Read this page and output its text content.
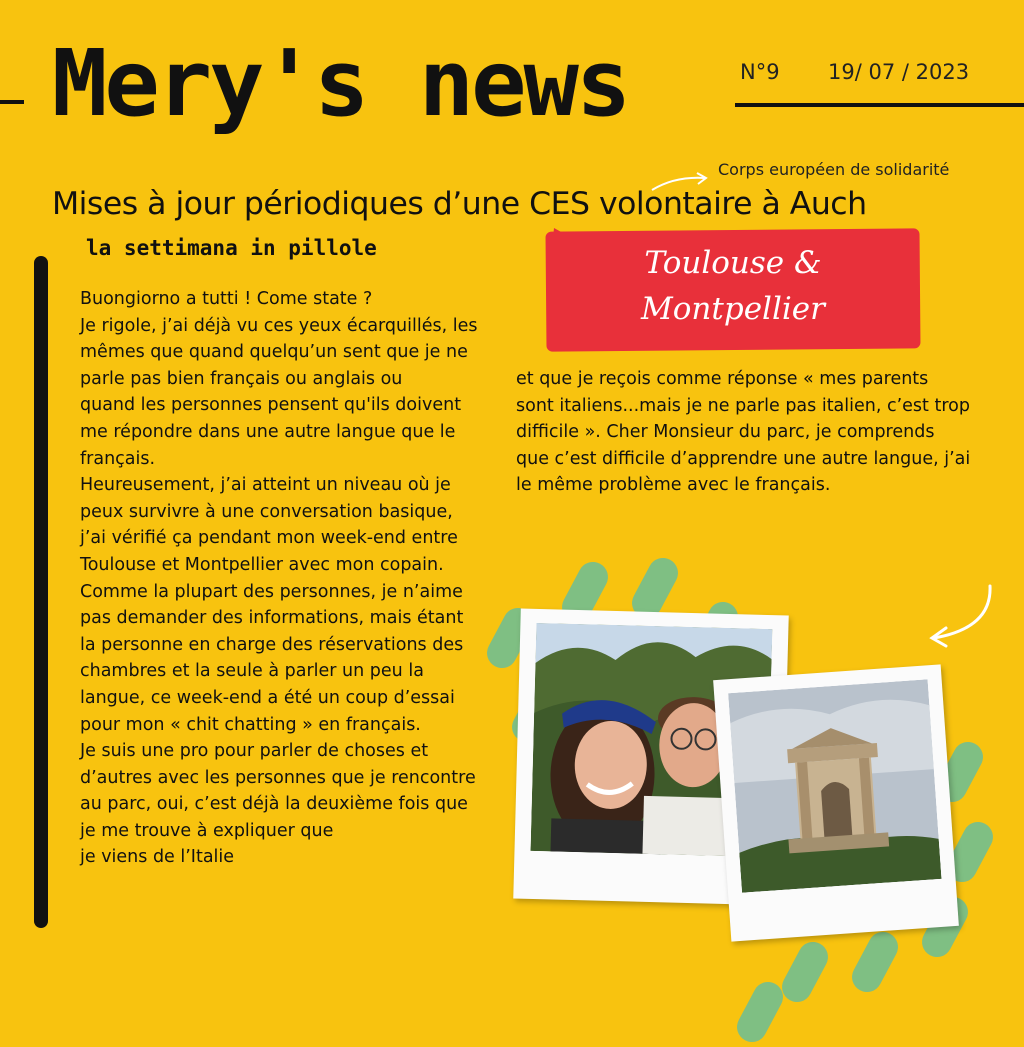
Mery's news	N°9 19/ 07 / 2023
Corps européen de solidarité
Mises à jour périodiques d’une CES volontaire à Auch
la settimana in pillole

Buongiorno a tutti ! Come state ?
Je rigole, j’ai déjà vu ces yeux écarquillés, les mêmes que quand quelqu’un sent que je ne parle pas bien français ou anglais ou
quand les personnes pensent qu'ils doivent me répondre dans une autre langue que le français.
Heureusement, j’ai atteint un niveau où je peux survivre à une conversation basique, j’ai vérifié ça pendant mon week-end entre Toulouse et Montpellier avec mon copain. Comme la plupart des personnes, je n’aime pas demander des informations, mais étant
la personne en charge des réservations des chambres et la seule à parler un peu la langue, ce week-end a été un coup d’essai pour mon « chit chatting » en français.
Je suis une pro pour parler de choses et d’autres avec les personnes que je rencontre au parc, oui, c’est déjà la deuxième fois que je me trouve à expliquer que
je viens de l’Italie

Toulouse &
Montpellier

et que je reçois comme réponse « mes parents sont italiens...mais je ne parle pas italien, c’est trop difficile ». Cher Monsieur du parc, je comprends que c’est difficile d’apprendre une autre langue, j’ai le même problème avec le français.
